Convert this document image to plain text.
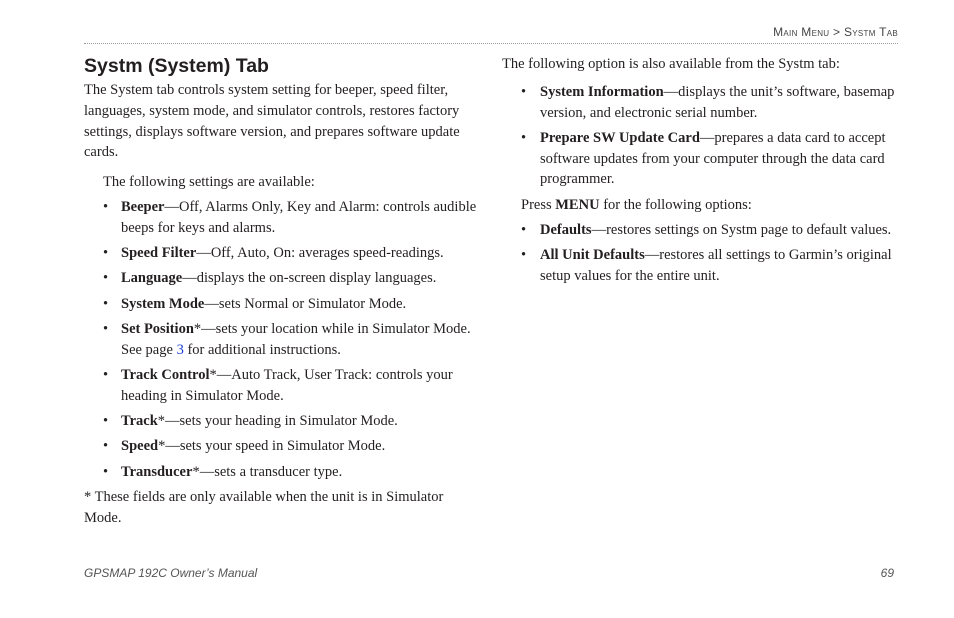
Main Menu > Systm Tab
Systm (System) Tab

The System tab controls system setting for beeper, speed filter, languages, system mode, and simulator controls, restores factory settings, displays software version, and prepares software update cards.

The following settings are available:

• Beeper—Off, Alarms Only, Key and Alarm: controls audible beeps for keys and alarms.
• Speed Filter—Off, Auto, On: averages speed-readings.
• Language—displays the on-screen display languages.
• System Mode—sets Normal or Simulator Mode.
• Set Position*—sets your location while in Simulator Mode. See page 3 for additional instructions.
• Track Control*—Auto Track, User Track: controls your heading in Simulator Mode.
• Track*—sets your heading in Simulator Mode.
• Speed*—sets your speed in Simulator Mode.
• Transducer*—sets a transducer type.

* These fields are only available when the unit is in Simulator Mode.

The following option is also available from the Systm tab:

• System Information—displays the unit’s software, basemap version, and electronic serial number.
• Prepare SW Update Card—prepares a data card to accept software updates from your computer through the data card programmer.

Press MENU for the following options:

• Defaults—restores settings on Systm page to default values.
• All Unit Defaults—restores all settings to Garmin’s original setup values for the entire unit.
GPSMAP 192C Owner’s Manual	69
